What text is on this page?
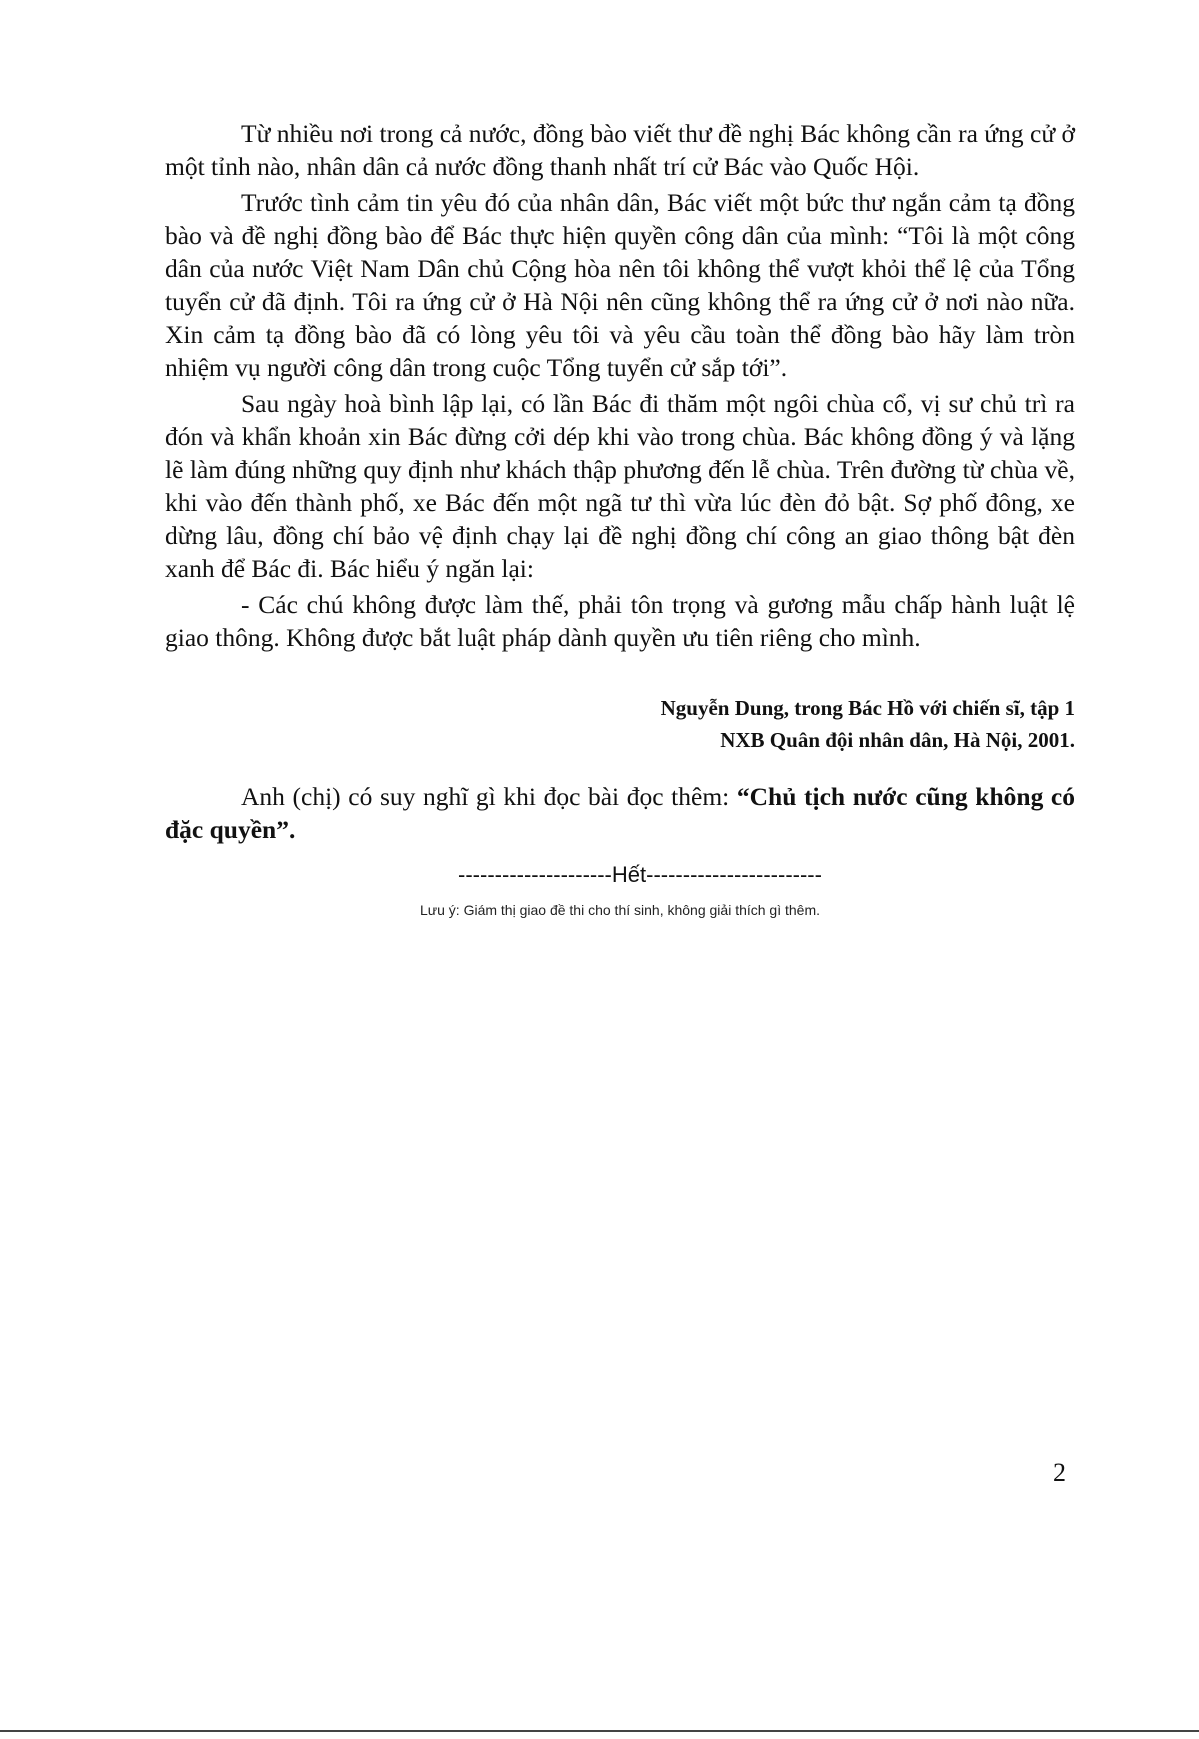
Từ nhiều nơi trong cả nước, đồng bào viết thư đề nghị Bác không cần ra ứng cử ở một tỉnh nào, nhân dân cả nước đồng thanh nhất trí cử Bác vào Quốc Hội.

Trước tình cảm tin yêu đó của nhân dân, Bác viết một bức thư ngắn cảm tạ đồng bào và đề nghị đồng bào để Bác thực hiện quyền công dân của mình: “Tôi là một công dân của nước Việt Nam Dân chủ Cộng hòa nên tôi không thể vượt khỏi thể lệ của Tổng tuyển cử đã định. Tôi ra ứng cử ở Hà Nội nên cũng không thể ra ứng cử ở nơi nào nữa. Xin cảm tạ đồng bào đã có lòng yêu tôi và yêu cầu toàn thể đồng bào hãy làm tròn nhiệm vụ người công dân trong cuộc Tổng tuyển cử sắp tới”.

Sau ngày hoà bình lập lại, có lần Bác đi thăm một ngôi chùa cổ, vị sư chủ trì ra đón và khẩn khoản xin Bác đừng cởi dép khi vào trong chùa. Bác không đồng ý và lặng lẽ làm đúng những quy định như khách thập phương đến lễ chùa. Trên đường từ chùa về, khi vào đến thành phố, xe Bác đến một ngã tư thì vừa lúc đèn đỏ bật. Sợ phố đông, xe dừng lâu, đồng chí bảo vệ định chạy lại đề nghị đồng chí công an giao thông bật đèn xanh để Bác đi. Bác hiểu ý ngăn lại:

- Các chú không được làm thế, phải tôn trọng và gương mẫu chấp hành luật lệ giao thông. Không được bắt luật pháp dành quyền ưu tiên riêng cho mình.

Nguyễn Dung, trong Bác Hồ với chiến sĩ, tập 1
NXB Quân đội nhân dân, Hà Nội, 2001.

Anh (chị) có suy nghĩ gì khi đọc bài đọc thêm: “Chủ tịch nước cũng không có đặc quyền”.

---------------------Hết------------------------
Lưu ý: Giám thị giao đề thi cho thí sinh, không giải thích gì thêm.
2
